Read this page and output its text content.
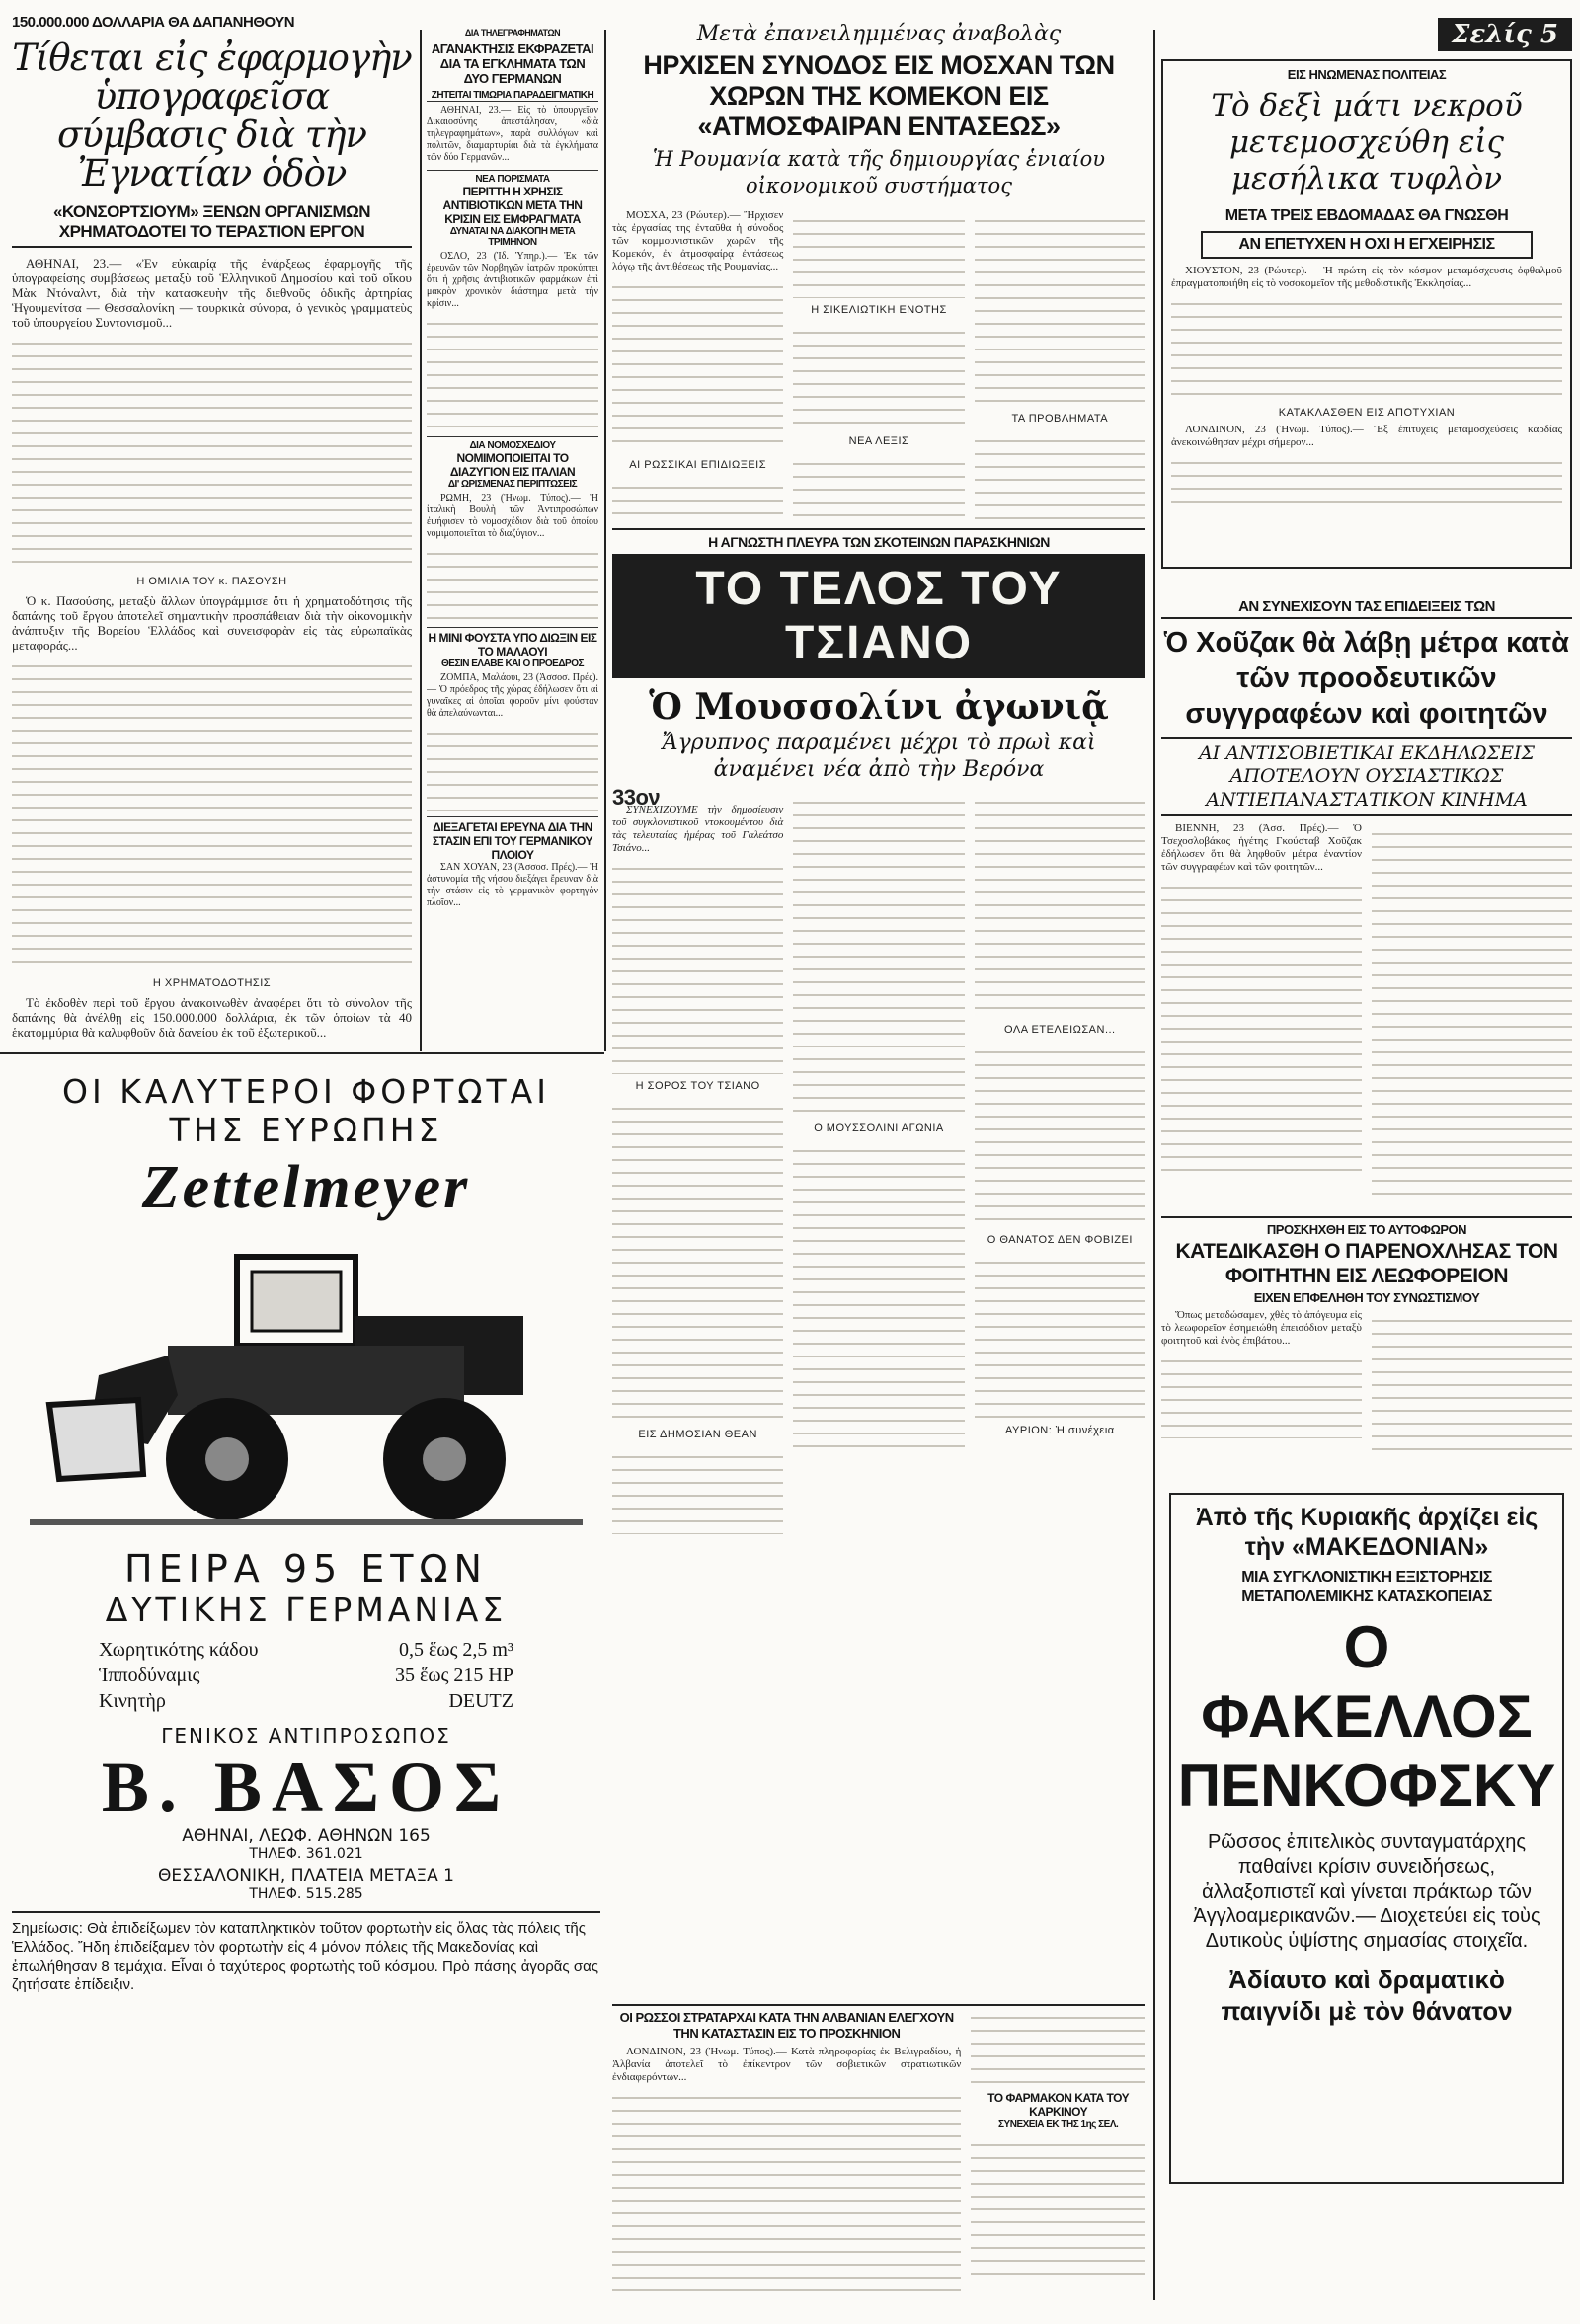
150.000.000 ΔΟΛΛΑΡΙΑ ΘΑ ΔΑΠΑΝΗΘΟΥΝ
Τίθεται εἰς ἐφαρμογὴν ὑπογραφεῖσα σύμβασις διὰ τὴν Ἐγνατίαν ὁδὸν
«ΚΟΝΣΟΡΤΣΙΟΥΜ» ΞΕΝΩΝ ΟΡΓΑΝΙΣΜΩΝ
ΧΡΗΜΑΤΟΔΟΤΕΙ ΤΟ ΤΕΡΑΣΤΙΟΝ ΕΡΓΟΝ

ΑΘΗΝΑΙ, 23.— «Ἐν εὐκαιρίᾳ τῆς ἐνάρξεως ἐφαρμογῆς τῆς ὑπογραφείσης συμβάσεως μεταξὺ τοῦ Ἑλληνικοῦ Δημοσίου καὶ τοῦ οἴκου Μὰκ Ντόναλντ, διὰ τὴν κατασκευὴν τῆς διεθνοῦς ὁδικῆς ἀρτηρίας Ἡγουμενίτσα — Θεσσαλονίκη — τουρκικὰ σύνορα, ὁ γενικὸς γραμματεὺς τοῦ ὑπουργείου Συντονισμοῦ...

Η ΟΜΙΛΙΑ ΤΟΥ κ. ΠΑΣΟΥΣΗ

Ὁ κ. Πασούσης, μεταξὺ ἄλλων ὑπογράμμισε ὅτι ἡ χρηματοδότησις τῆς δαπάνης τοῦ ἔργου ἀποτελεῖ σημαντικὴν προσπάθειαν διὰ τὴν οἰκονομικὴν ἀνάπτυξιν τῆς Βορείου Ἑλλάδος καὶ συνεισφορὰν εἰς τὰς εὐρωπαϊκὰς μεταφοράς...

Η ΧΡΗΜΑΤΟΔΟΤΗΣΙΣ

Τὸ ἐκδοθὲν περὶ τοῦ ἔργου ἀνακοινωθὲν ἀναφέρει ὅτι τὸ σύνολον τῆς δαπάνης θὰ ἀνέλθῃ εἰς 150.000.000 δολλάρια, ἐκ τῶν ὁποίων τὰ 40 ἑκατομμύρια θὰ καλυφθοῦν διὰ δανείου ἐκ τοῦ ἐξωτερικοῦ...

ΔΙΑ ΤΗΛΕΓΡΑΦΗΜΑΤΩΝ
ΑΓΑΝΑΚΤΗΣΙΣ ΕΚΦΡΑΖΕΤΑΙ ΔΙΑ ΤΑ ΕΓΚΛΗΜΑΤΑ ΤΩΝ ΔΥΟ ΓΕΡΜΑΝΩΝ
ΖΗΤΕΙΤΑΙ ΤΙΜΩΡΙΑ ΠΑΡΑΔΕΙΓΜΑΤΙΚΗ

ΑΘΗΝΑΙ, 23.— Εἰς τὸ ὑπουργεῖον Δικαιοσύνης ἀπεστάλησαν, «διὰ τηλεγραφημάτων», παρὰ συλλόγων καὶ πολιτῶν, διαμαρτυρίαι διὰ τὰ ἐγκλήματα τῶν δύο Γερμανῶν...

ΝΕΑ ΠΟΡΙΣΜΑΤΑ
ΠΕΡΙΤΤΗ Η ΧΡΗΣΙΣ ΑΝΤΙΒΙΟΤΙΚΩΝ ΜΕΤΑ ΤΗΝ ΚΡΙΣΙΝ ΕΙΣ ΕΜΦΡΑΓΜΑΤΑ
ΔΥΝΑΤΑΙ ΝΑ ΔΙΑΚΟΠΗ ΜΕΤΑ ΤΡΙΜΗΝΟΝ

ΟΣΛΟ, 23 (Ἰδ. Ὑπηρ.).— Ἐκ τῶν ἐρευνῶν τῶν Νορβηγῶν ἰατρῶν προκύπτει ὅτι ἡ χρῆσις ἀντιβιοτικῶν φαρμάκων ἐπὶ μακρὸν χρονικὸν διάστημα μετὰ τὴν κρίσιν...

ΔΙΑ ΝΟΜΟΣΧΕΔΙΟΥ
ΝΟΜΙΜΟΠΟΙΕΙΤΑΙ ΤΟ ΔΙΑΖΥΓΙΟΝ ΕΙΣ ΙΤΑΛΙΑΝ
ΔΙ' ΩΡΙΣΜΕΝΑΣ ΠΕΡΙΠΤΩΣΕΙΣ

ΡΩΜΗ, 23 (Ἠνωμ. Τύπος).— Ἡ ἰταλικὴ Βουλὴ τῶν Ἀντιπροσώπων ἐψήφισεν τὸ νομοσχέδιον διὰ τοῦ ὁποίου νομιμοποιεῖται τὸ διαζύγιον...

Η ΜΙΝΙ ΦΟΥΣΤΑ ΥΠΟ ΔΙΩΞΙΝ ΕΙΣ ΤΟ ΜΑΛΑΟΥΙ
ΘΕΣΙΝ ΕΛΑΒΕ ΚΑΙ Ο ΠΡΟΕΔΡΟΣ

ΖΟΜΠΑ, Μαλάουι, 23 (Ἀσσοσ. Πρές).— Ὁ πρόεδρος τῆς χώρας ἐδήλωσεν ὅτι αἱ γυναῖκες αἱ ὁποῖαι φοροῦν μίνι φούσταν θὰ ἀπελαύνωνται...

ΔΙΕΞΑΓΕΤΑΙ ΕΡΕΥΝΑ ΔΙΑ ΤΗΝ ΣΤΑΣΙΝ ΕΠΙ ΤΟΥ ΓΕΡΜΑΝΙΚΟΥ ΠΛΟΙΟΥ

ΣΑΝ ΧΟΥΑΝ, 23 (Ἀσσοσ. Πρές).— Ἡ ἀστυνομία τῆς νήσου διεξάγει ἔρευναν διὰ τὴν στάσιν εἰς τὸ γερμανικὸν φορτηγὸν πλοῖον...

Μετὰ ἐπανειλημμένας ἀναβολὰς
ΗΡΧΙΣΕΝ ΣΥΝΟΔΟΣ ΕΙΣ ΜΟΣΧΑΝ ΤΩΝ ΧΩΡΩΝ ΤΗΣ ΚΟΜΕΚΟΝ ΕΙΣ «ΑΤΜΟΣΦΑΙΡΑΝ ΕΝΤΑΣΕΩΣ»
Ἡ Ρουμανία κατὰ τῆς δημιουργίας ἑνιαίου οἰκονομικοῦ συστήματος

ΜΟΣΧΑ, 23 (Ρώυτερ).— Ἤρχισεν τὰς ἐργασίας της ἐνταῦθα ἡ σύνοδος τῶν κομμουνιστικῶν χωρῶν τῆς Κομεκόν, ἐν ἀτμοσφαίρᾳ ἐντάσεως λόγῳ τῆς ἀντιθέσεως τῆς Ρουμανίας...

ΑΙ ΡΩΣΣΙΚΑΙ ΕΠΙΔΙΩΞΕΙΣ
Η ΣΙΚΕΛΙΩΤΙΚΗ ΕΝΟΤΗΣ
ΝΕΑ ΛΕΞΙΣ
ΤΑ ΠΡΟΒΛΗΜΑΤΑ
Η ΑΓΝΩΣΤΗ ΠΛΕΥΡΑ ΤΩΝ ΣΚΟΤΕΙΝΩΝ ΠΑΡΑΣΚΗΝΙΩΝ
ΤΟ ΤΕΛΟΣ ΤΟΥ ΤΣΙΑΝΟ
Ὁ Μουσσολίνι ἀγωνιᾷ
Ἄγρυπνος παραμένει μέχρι τὸ πρωὶ καὶ ἀναμένει νέα ἀπὸ τὴν Βερόνα
33ον

ΣΥΝΕΧΙΖΟΥΜΕ τὴν δημοσίευσιν τοῦ συγκλονιστικοῦ ντοκουμέντου διὰ τὰς τελευταίας ἡμέρας τοῦ Γαλεάτσο Τσιάνο...

Η ΣΟΡΟΣ ΤΟΥ ΤΣΙΑΝΟ
ΕΙΣ ΔΗΜΟΣΙΑΝ ΘΕΑΝ
Ο ΜΟΥΣΣΟΛΙΝΙ ΑΓΩΝΙΑ
ΟΛΑ ΕΤΕΛΕΙΩΣΑΝ...
Ο ΘΑΝΑΤΟΣ ΔΕΝ ΦΟΒΙΖΕΙ
ΑΥΡΙΟΝ: Ἡ συνέχεια
ΟΙ ΡΩΣΣΟΙ ΣΤΡΑΤΑΡΧΑΙ ΚΑΤΑ ΤΗΝ ΑΛΒΑΝΙΑΝ ΕΛΕΓΧΟΥΝ ΤΗΝ ΚΑΤΑΣΤΑΣΙΝ ΕΙΣ ΤΟ ΠΡΟΣΚΗΝΙΟΝ

ΛΟΝΔΙΝΟΝ, 23 (Ἠνωμ. Τύπος).— Κατὰ πληροφορίας ἐκ Βελιγραδίου, ἡ Ἀλβανία ἀποτελεῖ τὸ ἐπίκεντρον τῶν σοβιετικῶν στρατιωτικῶν ἐνδιαφερόντων...

ΤΟ ΦΑΡΜΑΚΟΝ ΚΑΤΑ ΤΟΥ ΚΑΡΚΙΝΟΥ
ΣΥΝΕΧΕΙΑ ΕΚ ΤΗΣ 1ης ΣΕΛ.
Σελίς 5
ΕΙΣ ΗΝΩΜΕΝΑΣ ΠΟΛΙΤΕΙΑΣ
Τὸ δεξὶ μάτι νεκροῦ μετεμοσχεύθη εἰς μεσήλικα τυφλὸν
ΜΕΤΑ ΤΡΕΙΣ ΕΒΔΟΜΑΔΑΣ ΘΑ ΓΝΩΣΘΗ
ΑΝ ΕΠΕΤΥΧΕΝ Η ΟΧΙ Η ΕΓΧΕΙΡΗΣΙΣ

ΧΙΟΥΣΤΟΝ, 23 (Ρώυτερ).— Ἡ πρώτη εἰς τὸν κόσμον μεταμόσχευσις ὀφθαλμοῦ ἐπραγματοποιήθη εἰς τὸ νοσοκομεῖον τῆς μεθοδιστικῆς Ἐκκλησίας...

ΚΑΤΑΚΛΑΣΘΕΝ ΕΙΣ ΑΠΟΤΥΧΙΑΝ

ΛΟΝΔΙΝΟΝ, 23 (Ἠνωμ. Τύπος).— Ἕξ ἐπιτυχεῖς μεταμοσχεύσεις καρδίας ἀνεκοινώθησαν μέχρι σήμερον...

ΑΝ ΣΥΝΕΧΙΣΟΥΝ ΤΑΣ ΕΠΙΔΕΙΞΕΙΣ ΤΩΝ
Ὁ Χοῦζακ θὰ λάβῃ μέτρα κατὰ τῶν προοδευτικῶν συγγραφέων καὶ φοιτητῶν
ΑΙ ΑΝΤΙΣΟΒΙΕΤΙΚΑΙ ΕΚΔΗΛΩΣΕΙΣ
ΑΠΟΤΕΛΟΥΝ ΟΥΣΙΑΣΤΙΚΩΣ ΑΝΤΙΕΠΑΝΑΣΤΑΤΙΚΟΝ ΚΙΝΗΜΑ

ΒΙΕΝΝΗ, 23 (Ἀσσ. Πρές).— Ὁ Τσεχοσλοβάκος ἡγέτης Γκούσταβ Χοῦζακ ἐδήλωσεν ὅτι θὰ ληφθοῦν μέτρα ἐναντίον τῶν συγγραφέων καὶ τῶν φοιτητῶν...

ΠΡΟΣΚΗΧΘΗ ΕΙΣ ΤΟ ΑΥΤΟΦΩΡΟΝ
ΚΑΤΕΔΙΚΑΣΘΗ Ο ΠΑΡΕΝΟΧΛΗΣΑΣ ΤΟΝ ΦΟΙΤΗΤΗΝ ΕΙΣ ΛΕΩΦΟΡΕΙΟΝ
ΕΙΧΕΝ ΕΠΦΕΛΗΘΗ ΤΟΥ ΣΥΝΩΣΤΙΣΜΟΥ

Ὅπως μεταδώσαμεν, χθὲς τὸ ἀπόγευμα εἰς τὸ λεωφορεῖον ἐσημειώθη ἐπεισόδιον μεταξὺ φοιτητοῦ καὶ ἑνὸς ἐπιβάτου...

Ἀπὸ τῆς Κυριακῆς ἀρχίζει εἰς τὴν «ΜΑΚΕΔΟΝΙΑΝ»
ΜΙΑ ΣΥΓΚΛΟΝΙΣΤΙΚΗ ΕΞΙΣΤΟΡΗΣΙΣ ΜΕΤΑΠΟΛΕΜΙΚΗΣ ΚΑΤΑΣΚΟΠΕΙΑΣ
Ο ΦΑΚΕΛΛΟΣ
ΠΕΝΚΟΦΣΚΥ
Ρῶσσος ἐπιτελικὸς συνταγματάρχης παθαίνει κρίσιν συνειδήσεως, ἀλλαξοπιστεῖ καὶ γίνεται πράκτωρ τῶν Ἀγγλοαμερικανῶν.— Διοχετεύει εἰς τοὺς Δυτικοὺς ὑψίστης σημασίας στοιχεῖα.
Ἀδίαυτο καὶ δραματικὸ παιγνίδι μὲ τὸν θάνατον
ΟΙ ΚΑΛΥΤΕΡΟΙ ΦΟΡΤΩΤΑΙ
ΤΗΣ ΕΥΡΩΠΗΣ
Zettelmeyer
ΠΕΙΡΑ 95 ΕΤΩΝ
ΔΥΤΙΚΗΣ ΓΕΡΜΑΝΙΑΣ
Χωρητικότης κάδου	0,5 ἕως 2,5 m³
Ἱπποδύναμις	35 ἕως 215 HP
Κινητὴρ	DEUTZ
ΓΕΝΙΚΟΣ ΑΝΤΙΠΡΟΣΩΠΟΣ
Β. ΒΑΣΟΣ
ΑΘΗΝΑΙ, ΛΕΩΦ. ΑΘΗΝΩΝ 165
ΤΗΛΕΦ. 361.021
ΘΕΣΣΑΛΟΝΙΚΗ, ΠΛΑΤΕΙΑ ΜΕΤΑΞΑ 1
ΤΗΛΕΦ. 515.285
Σημείωσις: Θὰ ἐπιδείξωμεν τὸν καταπληκτικὸν τοῦτον φορτωτὴν εἰς ὅλας τὰς πόλεις τῆς Ἑλλάδος. Ἤδη ἐπιδείξαμεν τὸν φορτωτὴν εἰς 4 μόνον πόλεις τῆς Μακεδονίας καὶ ἐπωλήθησαν 8 τεμάχια. Εἶναι ὁ ταχύτερος φορτωτὴς τοῦ κόσμου. Πρὸ πάσης ἀγορᾶς σας ζητήσατε ἐπίδειξιν.
